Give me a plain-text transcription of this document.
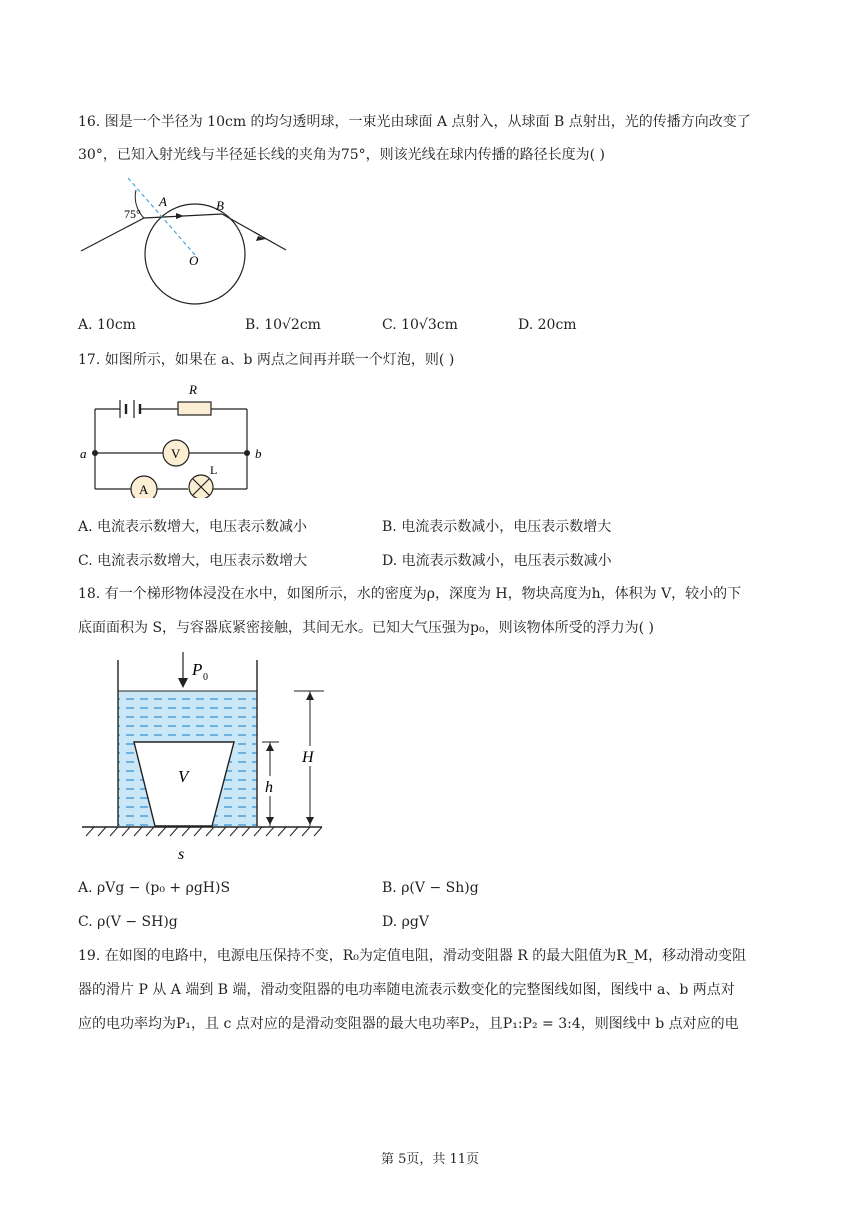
16. 图是一个半径为 10cm 的均匀透明球，一束光由球面 A 点射入，从球面 B 点射出，光的传播方向改变了
30°，已知入射光线与半径延长线的夹角为75°，则该光线在球内传播的路径长度为( )
75°
A	B
O
A. 10cm	B. 10√2cm	C. 10√3cm	D. 20cm
17. 如图所示，如果在 a、b 两点之间再并联一个灯泡，则( )
R
V
A
L
a	b
A. 电流表示数增大，电压表示数减小	B. 电流表示数减小，电压表示数增大
C. 电流表示数增大，电压表示数增大	D. 电流表示数减小，电压表示数减小
18. 有一个梯形物体浸没在水中，如图所示，水的密度为ρ，深度为 H，物块高度为h，体积为 V，较小的下
底面面积为 S，与容器底紧密接触，其间无水。已知大气压强为p₀，则该物体所受的浮力为( )
P 0
V
h
H
s
A. ρVg − (p₀ + ρgH)S	B. ρ(V − Sh)g
C. ρ(V − SH)g	D. ρgV
19. 在如图的电路中，电源电压保持不变，R₀为定值电阻，滑动变阻器 R 的最大阻值为R_M，移动滑动变阻
器的滑片 P 从 A 端到 B 端，滑动变阻器的电功率随电流表示数变化的完整图线如图，图线中 a、b 两点对
应的电功率均为P₁，且 c 点对应的是滑动变阻器的最大电功率P₂，且P₁:P₂ = 3:4，则图线中 b 点对应的电
第 5页，共 11页
